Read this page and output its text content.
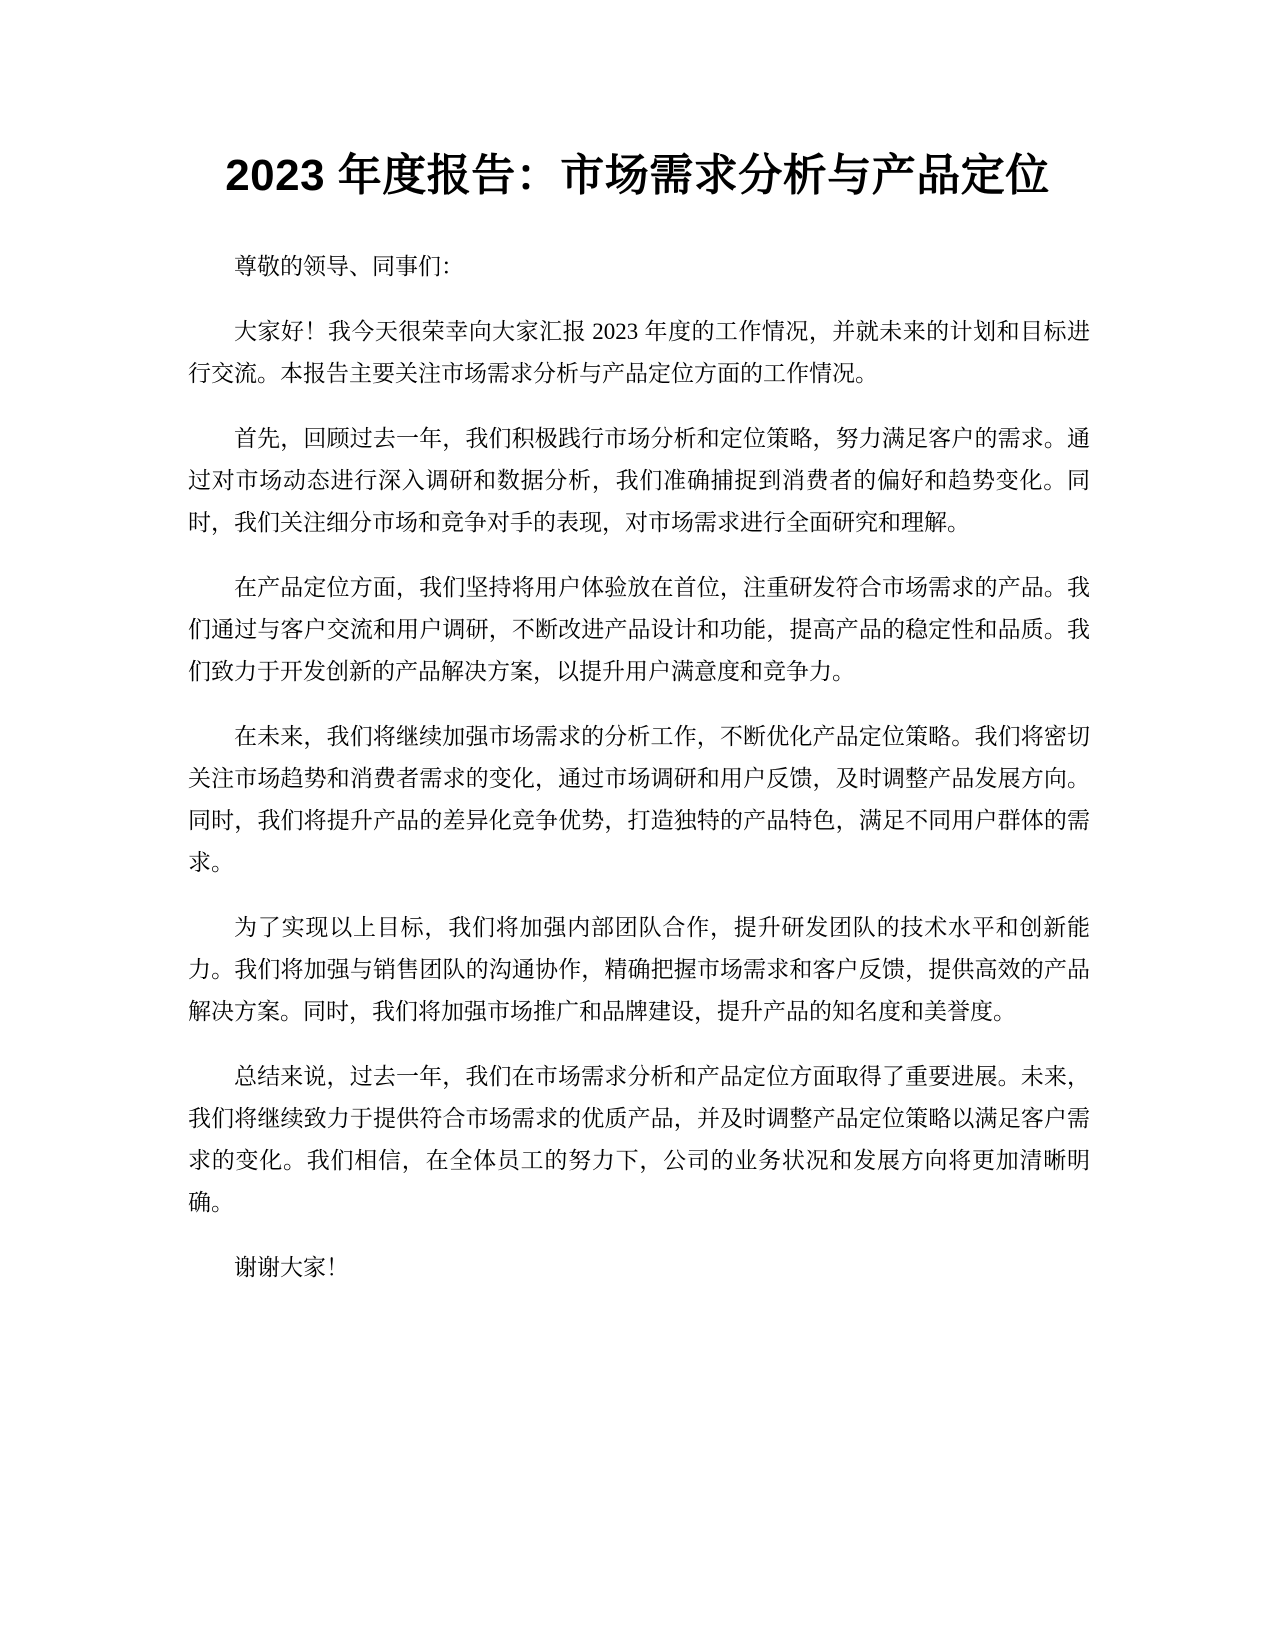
2023 年度报告：市场需求分析与产品定位

尊敬的领导、同事们：

大家好！我今天很荣幸向大家汇报 2023 年度的工作情况，并就未来的计划和目标进行交流。本报告主要关注市场需求分析与产品定位方面的工作情况。

首先，回顾过去一年，我们积极践行市场分析和定位策略，努力满足客户的需求。通过对市场动态进行深入调研和数据分析，我们准确捕捉到消费者的偏好和趋势变化。同时，我们关注细分市场和竞争对手的表现，对市场需求进行全面研究和理解。

在产品定位方面，我们坚持将用户体验放在首位，注重研发符合市场需求的产品。我们通过与客户交流和用户调研，不断改进产品设计和功能，提高产品的稳定性和品质。我们致力于开发创新的产品解决方案，以提升用户满意度和竞争力。

在未来，我们将继续加强市场需求的分析工作，不断优化产品定位策略。我们将密切关注市场趋势和消费者需求的变化，通过市场调研和用户反馈，及时调整产品发展方向。同时，我们将提升产品的差异化竞争优势，打造独特的产品特色，满足不同用户群体的需求。

为了实现以上目标，我们将加强内部团队合作，提升研发团队的技术水平和创新能力。我们将加强与销售团队的沟通协作，精确把握市场需求和客户反馈，提供高效的产品解决方案。同时，我们将加强市场推广和品牌建设，提升产品的知名度和美誉度。

总结来说，过去一年，我们在市场需求分析和产品定位方面取得了重要进展。未来，我们将继续致力于提供符合市场需求的优质产品，并及时调整产品定位策略以满足客户需求的变化。我们相信，在全体员工的努力下，公司的业务状况和发展方向将更加清晰明确。

谢谢大家！
